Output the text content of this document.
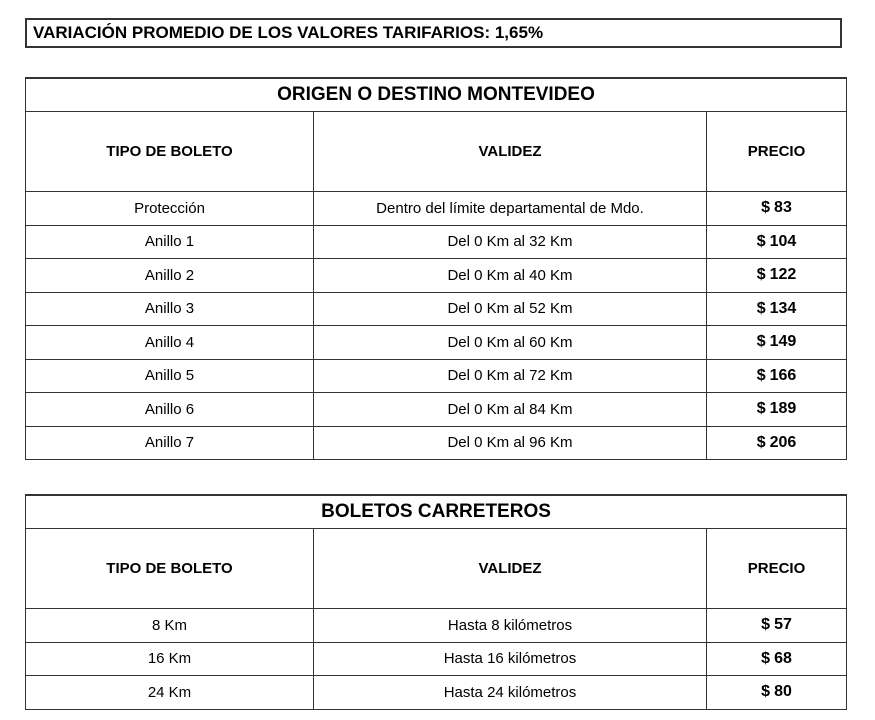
VARIACIÓN PROMEDIO DE LOS VALORES TARIFARIOS: 1,65%
ORIGEN O DESTINO MONTEVIDEO		
TIPO DE BOLETO	VALIDEZ	PRECIO
Protección	Dentro del límite departamental de Mdo.	$ 83
Anillo 1	Del 0 Km al 32 Km	$ 104
Anillo 2	Del 0 Km al 40 Km	$ 122
Anillo 3	Del 0 Km al 52 Km	$ 134
Anillo 4	Del 0 Km al 60 Km	$ 149
Anillo 5	Del 0 Km al 72 Km	$ 166
Anillo 6	Del 0 Km al 84 Km	$ 189
Anillo 7	Del 0 Km al 96 Km	$ 206
BOLETOS CARRETEROS		
TIPO DE BOLETO	VALIDEZ	PRECIO
8 Km	Hasta 8 kilómetros	$ 57
16 Km	Hasta 16 kilómetros	$ 68
24 Km	Hasta 24 kilómetros	$ 80
